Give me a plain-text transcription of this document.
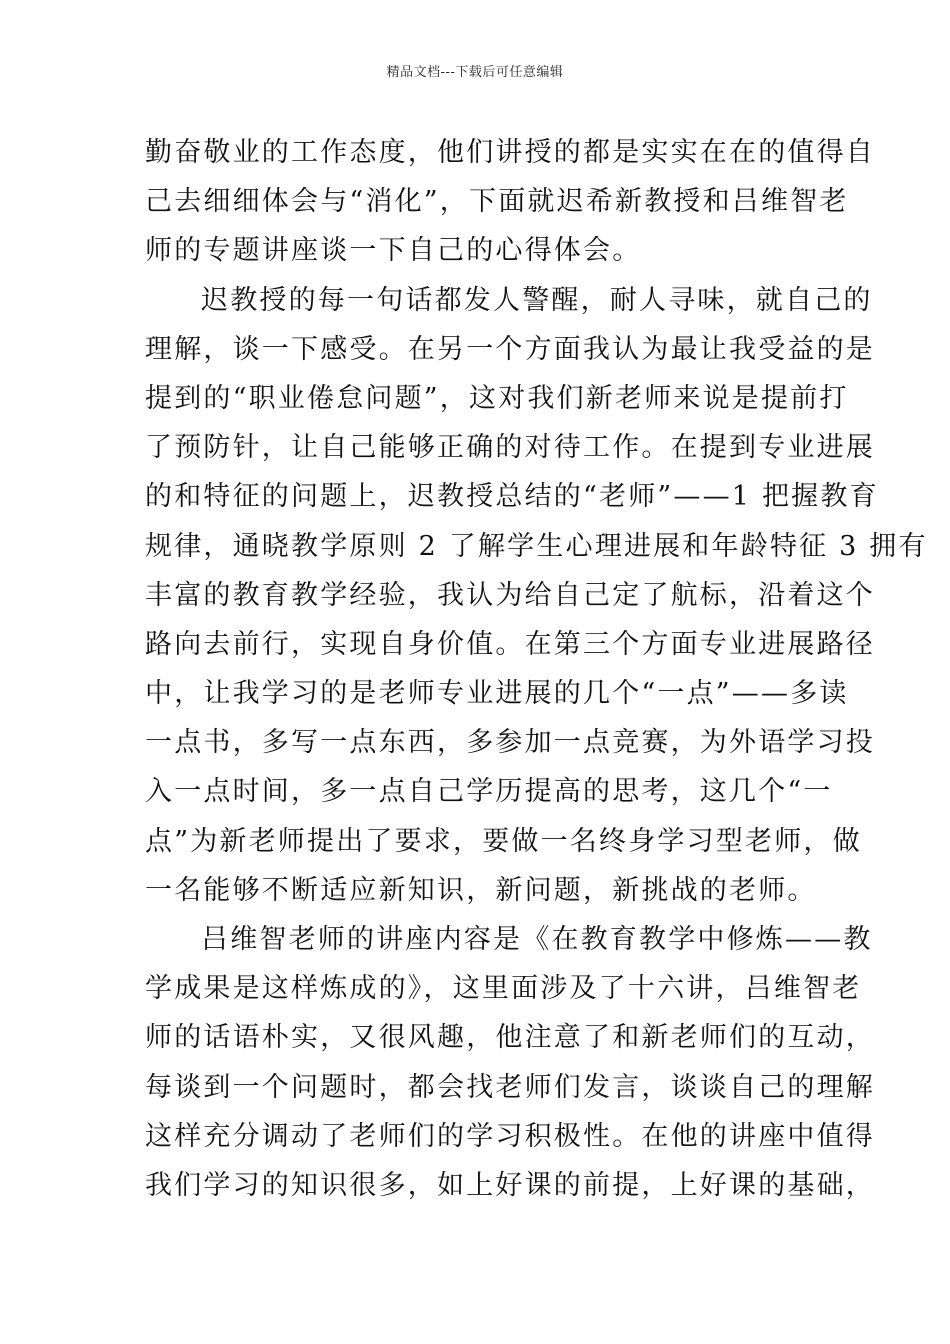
精品文档---下载后可任意编辑

勤奋敬业的工作态度，他们讲授的都是实实在在的值得自
己去细细体会与“消化”，下面就迟希新教授和吕维智老
师的专题讲座谈一下自己的心得体会。

迟教授的每一句话都发人警醒，耐人寻味，就自己的
理解，谈一下感受。在另一个方面我认为最让我受益的是
提到的“职业倦怠问题”，这对我们新老师来说是提前打
了预防针，让自己能够正确的对待工作。在提到专业进展
的和特征的问题上，迟教授总结的“老师”——1 把握教育
规律，通晓教学原则 2 了解学生心理进展和年龄特征 3 拥有
丰富的教育教学经验，我认为给自己定了航标，沿着这个
路向去前行，实现自身价值。在第三个方面专业进展路径
中，让我学习的是老师专业进展的几个“一点”——多读
一点书，多写一点东西，多参加一点竞赛，为外语学习投
入一点时间，多一点自己学历提高的思考，这几个“一
点”为新老师提出了要求，要做一名终身学习型老师，做
一名能够不断适应新知识，新问题，新挑战的老师。

吕维智老师的讲座内容是《在教育教学中修炼——教
学成果是这样炼成的》，这里面涉及了十六讲，吕维智老
师的话语朴实，又很风趣，他注意了和新老师们的互动，
每谈到一个问题时，都会找老师们发言，谈谈自己的理解
这样充分调动了老师们的学习积极性。在他的讲座中值得
我们学习的知识很多，如上好课的前提，上好课的基础，
